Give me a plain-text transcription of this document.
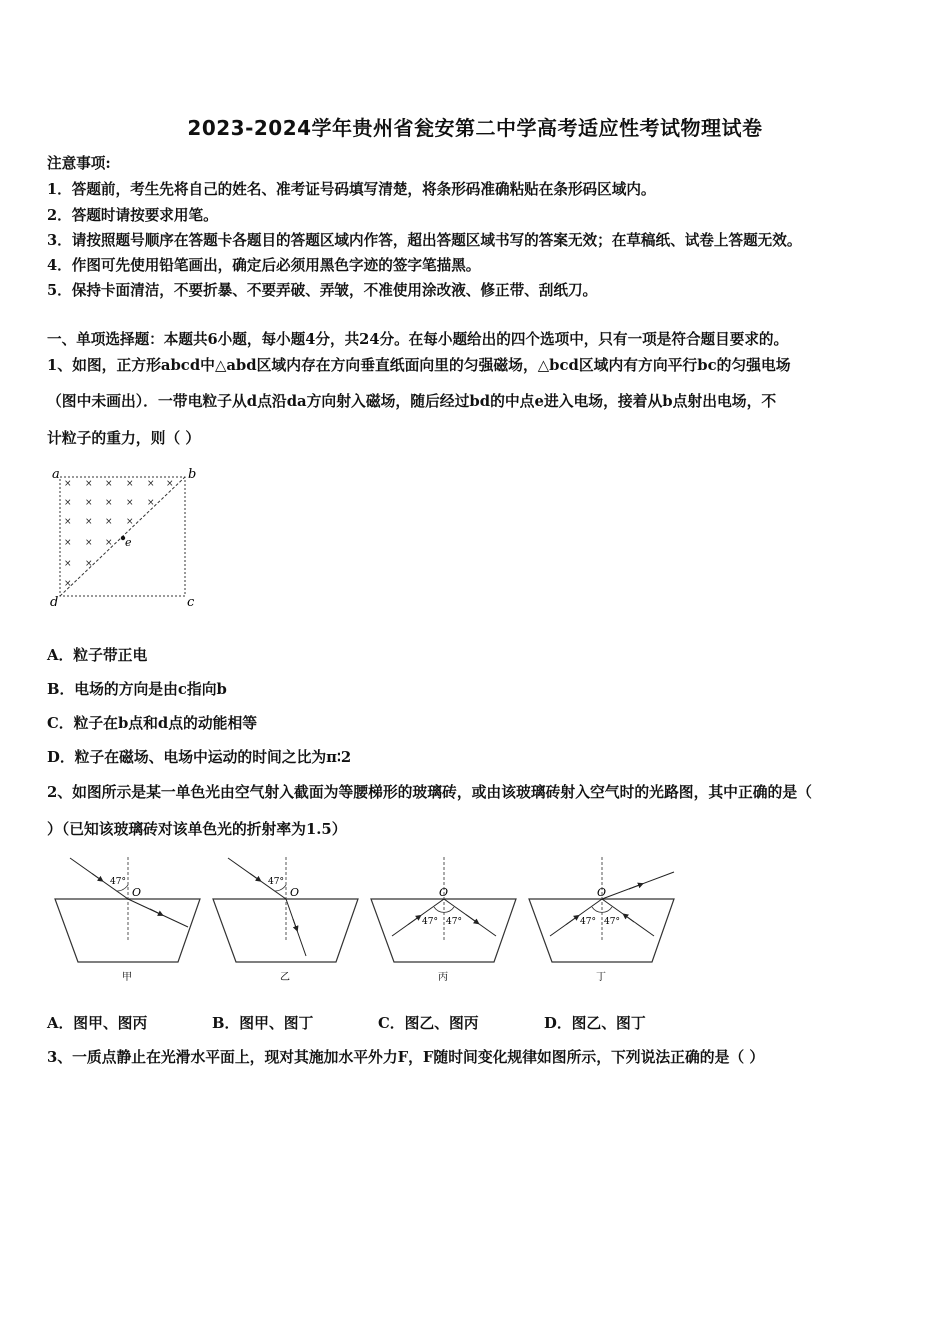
2023-2024学年贵州省瓮安第二中学高考适应性考试物理试卷
注意事项:
1．答题前，考生先将自己的姓名、准考证号码填写清楚，将条形码准确粘贴在条形码区域内。
2．答题时请按要求用笔。
3．请按照题号顺序在答题卡各题目的答题区域内作答，超出答题区域书写的答案无效；在草稿纸、试卷上答题无效。
4．作图可先使用铅笔画出，确定后必须用黑色字迹的签字笔描黑。
5．保持卡面清洁，不要折暴、不要弄破、弄皱，不准使用涂改液、修正带、刮纸刀。
一、单项选择题：本题共6小题，每小题4分，共24分。在每小题给出的四个选项中，只有一项是符合题目要求的。
1、如图，正方形abcd中△abd区域内存在方向垂直纸面向里的匀强磁场，△bcd区域内有方向平行bc的匀强电场
（图中未画出）．一带电粒子从d点沿da方向射入磁场，随后经过bd的中点e进入电场，接着从b点射出电场，不
计粒子的重力，则（ ）
× × × × × ×
× × × × ×
× × × ×
× × ×
× ×
×
a	b
c
d
e
A．粒子带正电
B．电场的方向是由c指向b
C．粒子在b点和d点的动能相等
D．粒子在磁场、电场中运动的时间之比为π∶2
2、如图所示是某一单色光由空气射入截面为等腰梯形的玻璃砖，或由该玻璃砖射入空气时的光路图，其中正确的是（
）（已知该玻璃砖对该单色光的折射率为1.5）
47°
O
甲
47°
O
乙
47° 47°
O
丙
47° 47°
O
丁
A．图甲、图丙	B．图甲、图丁	C．图乙、图丙	D．图乙、图丁
3、一质点静止在光滑水平面上，现对其施加水平外力F，F随时间变化规律如图所示，下列说法正确的是（ ）
